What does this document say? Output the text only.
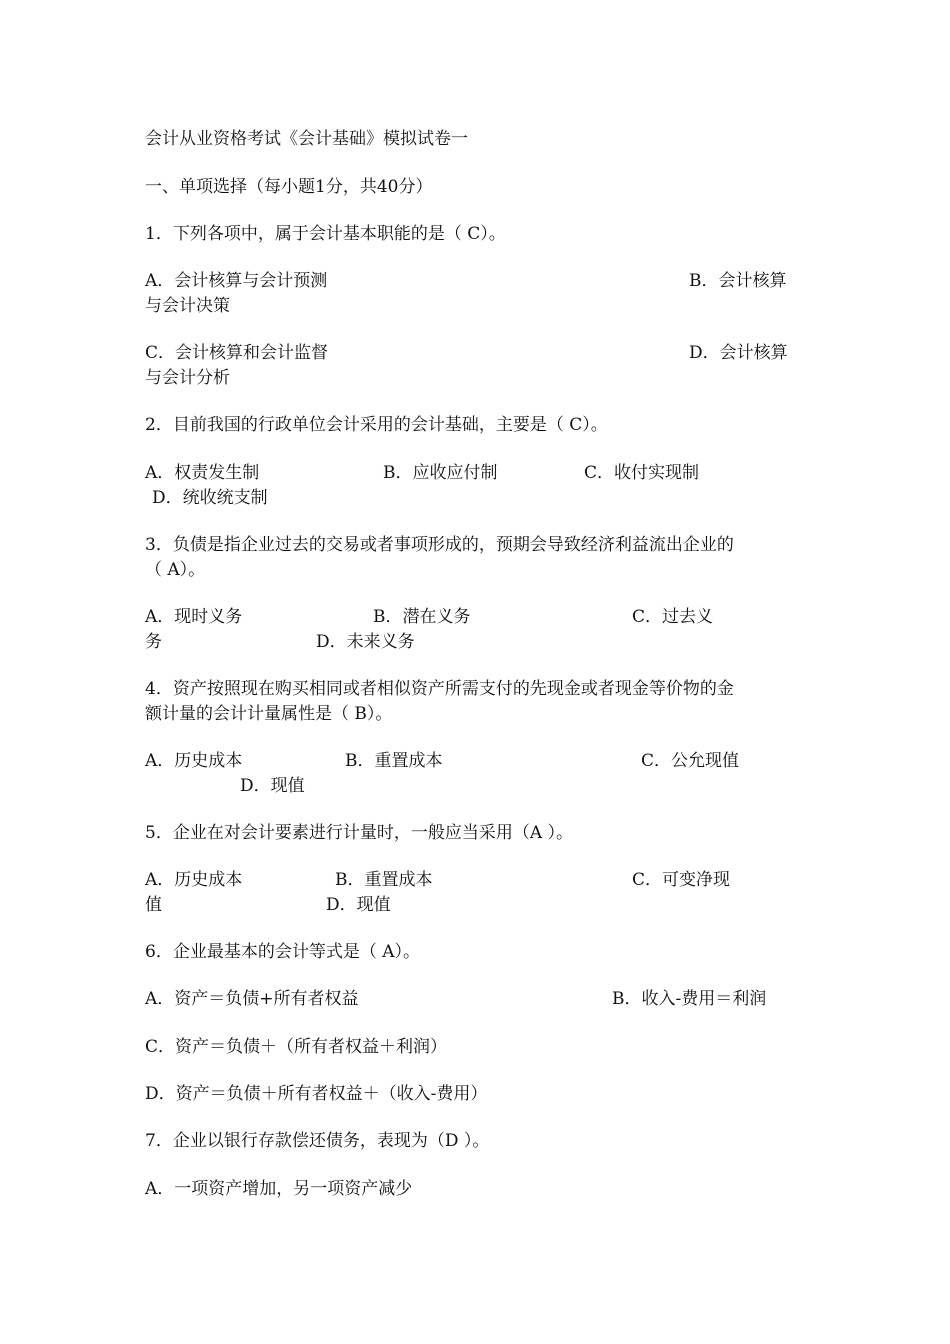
会计从业资格考试《会计基础》模拟试卷一
一、单项选择（每小题1分，共40分）
1．下列各项中，属于会计基本职能的是（ C）。
A．会计核算与会计预测	B．会计核算
与会计决策
C．会计核算和会计监督	D．会计核算
与会计分析
2．目前我国的行政单位会计采用的会计基础，主要是（ C）。
A．权责发生制	B．应收应付制	C．收付实现制
D．统收统支制
3．负债是指企业过去的交易或者事项形成的，预期会导致经济利益流出企业的
（ A）。
A．现时义务	B．潜在义务	C．过去义
务	D．未来义务
4．资产按照现在购买相同或者相似资产所需支付的先现金或者现金等价物的金
额计量的会计计量属性是（ B）。
A．历史成本	B．重置成本	C．公允现值
D．现值
5．企业在对会计要素进行计量时，一般应当采用（A ）。
A．历史成本	B．重置成本	C．可变净现
值	D．现值
6．企业最基本的会计等式是（ A）。
A．资产＝负债+所有者权益	B．收入-费用＝利润
C．资产＝负债＋（所有者权益＋利润）
D．资产＝负债＋所有者权益＋（收入-费用）
7．企业以银行存款偿还债务，表现为（D ）。
A．一项资产增加，另一项资产减少
